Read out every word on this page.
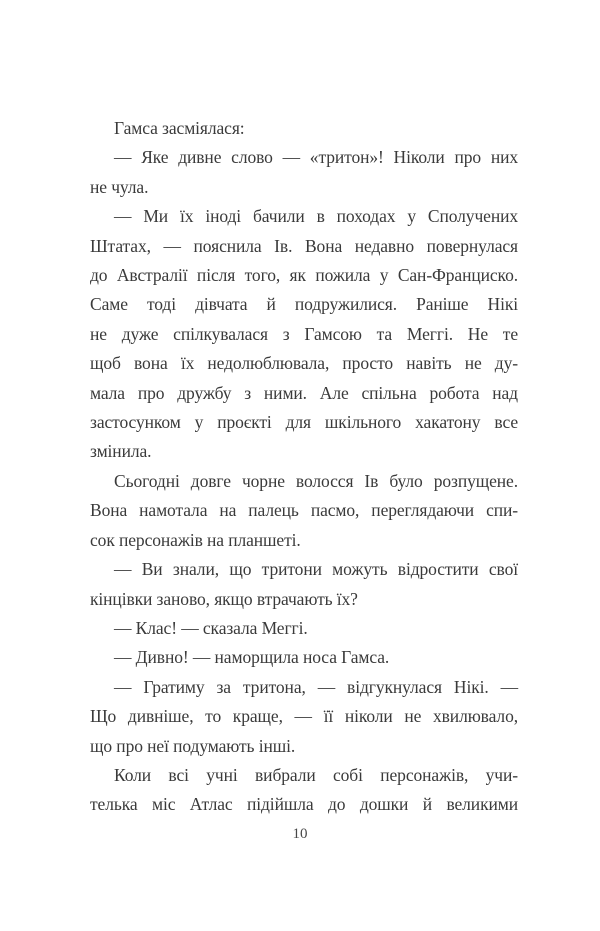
Гамса засміялася:
— Яке дивне слово — «тритон»! Ніколи про них
не чула.
— Ми їх іноді бачили в походах у Сполучених
Штатах, — пояснила Ів. Вона недавно повернулася
до Австралії після того, як пожила у Сан-Франциско.
Саме тоді дівчата й подружилися. Раніше Нікі
не дуже спілкувалася з Гамсою та Меггі. Не те
щоб вона їх недолюблювала, просто навіть не ду-
мала про дружбу з ними. Але спільна робота над
застосунком у проєкті для шкільного хакатону все
змінила.
Сьогодні довге чорне волосся Ів було розпущене.
Вона намотала на палець пасмо, переглядаючи спи-
сок персонажів на планшеті.
— Ви знали, що тритони можуть відростити свої
кінцівки заново, якщо втрачають їх?
— Клас! — сказала Меггі.
— Дивно! — наморщила носа Гамса.
— Гратиму за тритона, — відгукнулася Нікі. —
Що дивніше, то краще, — її ніколи не хвилювало,
що про неї подумають інші.
Коли всі учні вибрали собі персонажів, учи-
телька міс Атлас підійшла до дошки й великими
10
